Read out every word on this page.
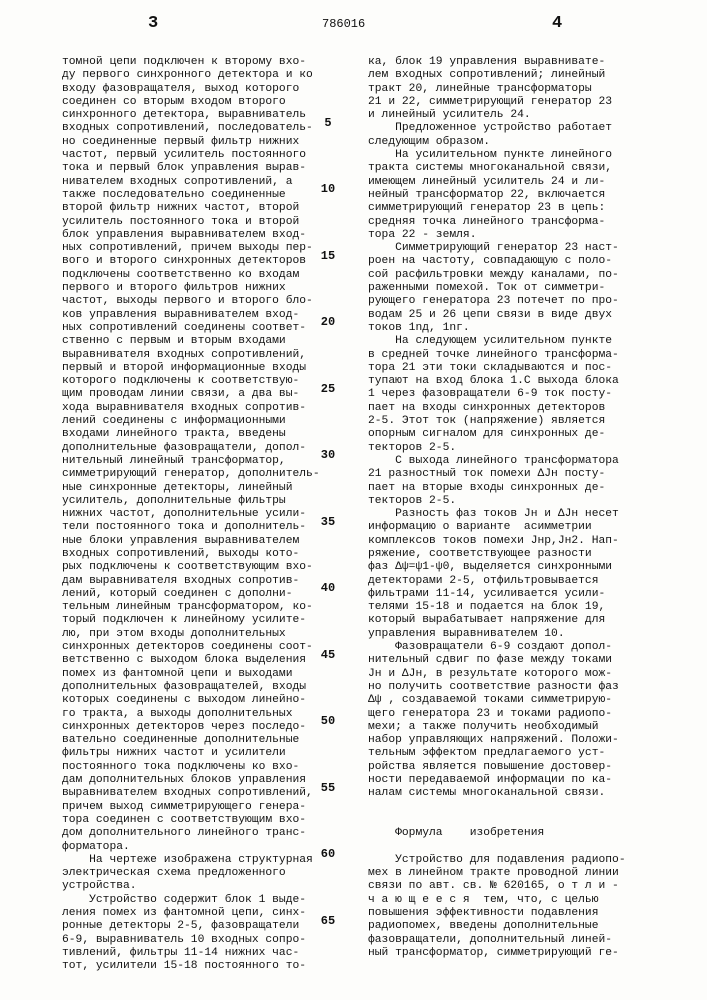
3	786016	4
томной цепи подключен к второму вхо-
ду первого синхронного детектора и ко
входу фазовращателя, выход которого
соединен со вторым входом второго
синхронного детектора, выравниватель
входных сопротивлений, последователь-
но соединенные первый фильтр нижних
частот, первый усилитель постоянного
тока и первый блок управления вырав-
нивателем входных сопротивлений, а
также последовательно соединенные
второй фильтр нижних частот, второй
усилитель постоянного тока и второй
блок управления выравнивателем вход-
ных сопротивлений, причем выходы пер-
вого и второго синхронных детекторов
подключены соответственно ко входам
первого и второго фильтров нижних
частот, выходы первого и второго бло-
ков управления выравнивателем вход-
ных сопротивлений соединены соответ-
ственно с первым и вторым входами
выравнивателя входных сопротивлений,
первый и второй информационные входы
которого подключены к соответствую-
щим проводам линии связи, а два вы-
хода выравнивателя входных сопротив-
лений соединены с информационными
входами линейного тракта, введены
дополнительные фазовращатели, допол-
нительный линейный трансформатор,
симметрирующий генератор, дополнитель-
ные синхронные детекторы, линейный
усилитель, дополнительные фильтры
нижних частот, дополнительные усили-
тели постоянного тока и дополнитель-
ные блоки управления выравнивателем
входных сопротивлений, выходы кото-
рых подключены к соответствующим вхо-
дам выравнивателя входных сопротив-
лений, который соединен с дополни-
тельным линейным трансформатором, ко-
торый подключен к линейному усилите-
лю, при этом входы дополнительных
синхронных детекторов соединены соот-
ветственно с выходом блока выделения
помех из фантомной цепи и выходами
дополнительных фазовращателей, входы
которых соединены с выходом линейно-
го тракта, а выходы дополнительных
синхронных детекторов через последо-
вательно соединенные дополнительные
фильтры нижних частот и усилители
постоянного тока подключены ко вхо-
дам дополнительных блоков управления
выравнивателем входных сопротивлений,
причем выход симметрирующего генера-
тора соединен с соответствующим вхо-
дом дополнительного линейного транс-
форматора.
На чертеже изображена структурная
электрическая схема предложенного
устройства.
Устройство содержит блок 1 выде-
ления помех из фантомной цепи, синх-
ронные детекторы 2-5, фазовращатели
6-9, выравниватель 10 входных сопро-
тивлений, фильтры 11-14 нижних час-
тот, усилители 15-18 постоянного то-
ка, блок 19 управления выравнивате-
лем входных сопротивлений; линейный
тракт 20, линейные трансформаторы
21 и 22, симметрирующий генератор 23
и линейный усилитель 24.
Предложенное устройство работает
следующим образом.
На усилительном пункте линейного
тракта системы многоканальной связи,
имеющем линейный усилитель 24 и ли-
нейный трансформатор 22, включается
симметрирующий генератор 23 в цепь:
средняя точка линейного трансформа-
тора 22 - земля.
Симметрирующий генератор 23 наст-
роен на частоту, совпадающую с поло-
сой расфильтровки между каналами, по-
раженными помехой. Ток от симметри-
рующего генератора 23 потечет по про-
водам 25 и 26 цепи связи в виде двух
токов 1nд, 1nг.
На следующем усилительном пункте
в средней точке линейного трансформа-
тора 21 эти токи складываются и пос-
тупают на вход блока 1.С выхода блока
1 через фазовращатели 6-9 ток посту-
пает на входы синхронных детекторов
2-5. Этот ток (напряжение) является
опорным сигналом для синхронных де-
текторов 2-5.
С выхода линейного трансформатора
21 разностный ток помехи ΔJн посту-
пает на вторые входы синхронных де-
текторов 2-5.
Разность фаз токов Jн и ΔJн несет
информацию о варианте  асимметрии
комплексов токов помехи Jнр,Jн2. Нап-
ряжение, соответствующее разности
фаз Δψ=ψ1-ψ0, выделяется синхронными
детекторами 2-5, отфильтровывается
фильтрами 11-14, усиливается усили-
телями 15-18 и подается на блок 19,
который вырабатывает напряжение для
управления выравнивателем 10.
Фазовращатели 6-9 создают допол-
нительный сдвиг по фазе между токами
Jн и ΔJн, в результате которого мож-
но получить соответствие разности фаз
Δψ , создаваемой токами симметрирую-
щего генератора 23 и токами радиопо-
мехи; а также получить необходимый
набор управляющих напряжений. Положи-
тельным эффектом предлагаемого уст-
ройства является повышение достовер-
ности передаваемой информации по ка-
налам системы многоканальной связи.
Формула    изобретения
Устройство для подавления радиопо-
мех в линейном тракте проводной линии
связи по авт. св. № 620165, о т л и -
ч а ю щ е е с я  тем, что, с целью
повышения эффективности подавления
радиопомех, введены дополнительные
фазовращатели, дополнительный линей-
ный трансформатор, симметрирующий ге-
5
10
15
20
25
30
35
40
45
50
55
60
65
